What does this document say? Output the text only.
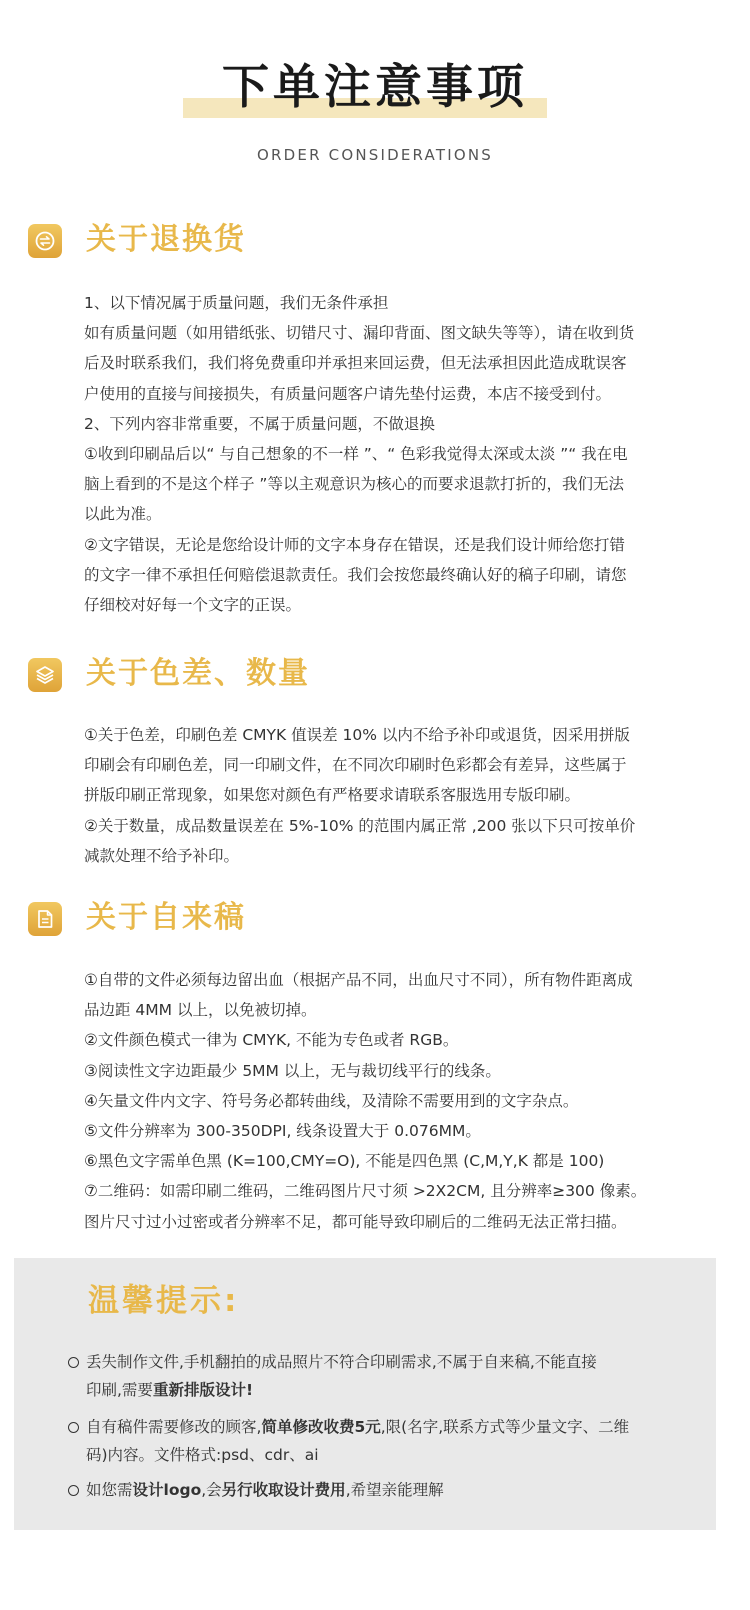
下单注意事项
ORDER CONSIDERATIONS
关于退换货
1、以下情况属于质量问题，我们无条件承担
如有质量问题（如用错纸张、切错尺寸、漏印背面、图文缺失等等），请在收到货
后及时联系我们，我们将免费重印并承担来回运费，但无法承担因此造成耽误客
户使用的直接与间接损失，有质量问题客户请先垫付运费，本店不接受到付。
2、下列内容非常重要，不属于质量问题，不做退换
①收到印刷品后以“ 与自己想象的不一样 ”、“ 色彩我觉得太深或太淡 ”“ 我在电
脑上看到的不是这个样子 ”等以主观意识为核心的而要求退款打折的，我们无法
以此为准。
②文字错误，无论是您给设计师的文字本身存在错误，还是我们设计师给您打错
的文字一律不承担任何赔偿退款责任。我们会按您最终确认好的稿子印刷，请您
仔细校对好每一个文字的正误。
关于色差、数量
①关于色差，印刷色差 CMYK 值误差 10% 以内不给予补印或退货，因采用拼版
印刷会有印刷色差，同一印刷文件，在不同次印刷时色彩都会有差异，这些属于
拼版印刷正常现象，如果您对颜色有严格要求请联系客服选用专版印刷。
②关于数量，成品数量误差在 5%-10% 的范围内属正常 ,200 张以下只可按单价
减款处理不给予补印。
关于自来稿
①自带的文件必须每边留出血（根据产品不同，出血尺寸不同），所有物件距离成
品边距 4MM 以上，以免被切掉。
②文件颜色模式一律为 CMYK, 不能为专色或者 RGB。
③阅读性文字边距最少 5MM 以上，无与裁切线平行的线条。
④矢量文件内文字、符号务必都转曲线，及清除不需要用到的文字杂点。
⑤文件分辨率为 300-350DPI, 线条设置大于 0.076MM。
⑥黑色文字需单色黑 (K=100,CMY=O), 不能是四色黑 (C,M,Y,K 都是 100)
⑦二维码：如需印刷二维码，二维码图片尺寸须 >2X2CM, 且分辨率≥300 像素。
图片尺寸过小过密或者分辨率不足，都可能导致印刷后的二维码无法正常扫描。
温馨提示:
丢失制作文件,手机翻拍的成品照片不符合印刷需求,不属于自来稿,不能直接
印刷,需要重新排版设计!
自有稿件需要修改的顾客,简单修改收费5元,限(名字,联系方式等少量文字、二维
码)内容。文件格式:psd、cdr、ai
如您需设计logo,会另行收取设计费用,希望亲能理解
